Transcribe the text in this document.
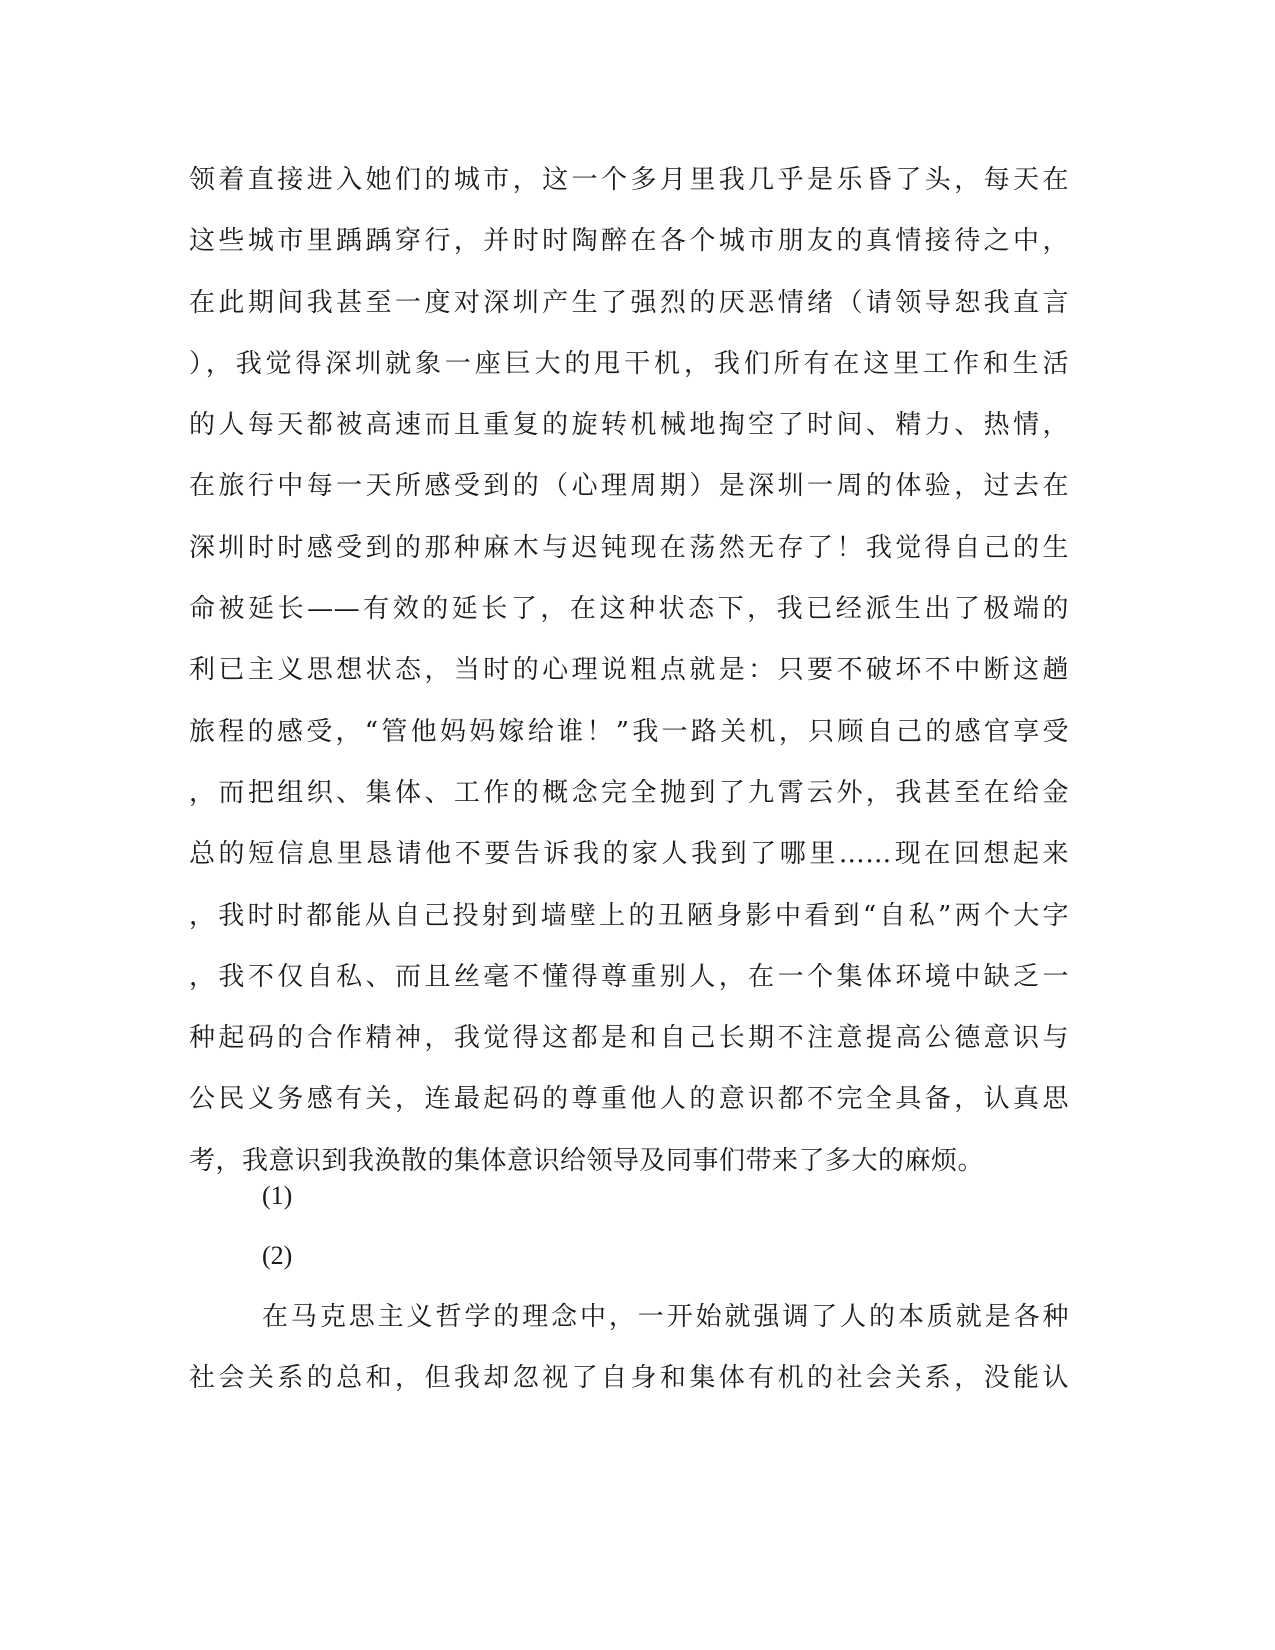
领着直接进入她们的城市，这一个多月里我几乎是乐昏了头，每天在
这些城市里踽踽穿行，并时时陶醉在各个城市朋友的真情接待之中，
在此期间我甚至一度对深圳产生了强烈的厌恶情绪（请领导恕我直言
），我觉得深圳就象一座巨大的甩干机，我们所有在这里工作和生活
的人每天都被高速而且重复的旋转机械地掏空了时间、精力、热情，
在旅行中每一天所感受到的（心理周期）是深圳一周的体验，过去在
深圳时时感受到的那种麻木与迟钝现在荡然无存了！我觉得自己的生
命被延长——有效的延长了，在这种状态下，我已经派生出了极端的
利已主义思想状态，当时的心理说粗点就是：只要不破坏不中断这趟
旅程的感受，“管他妈妈嫁给谁！”我一路关机，只顾自己的感官享受
，而把组织、集体、工作的概念完全抛到了九霄云外，我甚至在给金
总的短信息里恳请他不要告诉我的家人我到了哪里……现在回想起来
，我时时都能从自己投射到墙壁上的丑陋身影中看到“自私”两个大字
，我不仅自私、而且丝毫不懂得尊重别人，在一个集体环境中缺乏一
种起码的合作精神，我觉得这都是和自己长期不注意提高公德意识与
公民义务感有关，连最起码的尊重他人的意识都不完全具备，认真思
考，我意识到我涣散的集体意识给领导及同事们带来了多大的麻烦。
(1)
(2)
在马克思主义哲学的理念中，一开始就强调了人的本质就是各种
社会关系的总和，但我却忽视了自身和集体有机的社会关系，没能认
